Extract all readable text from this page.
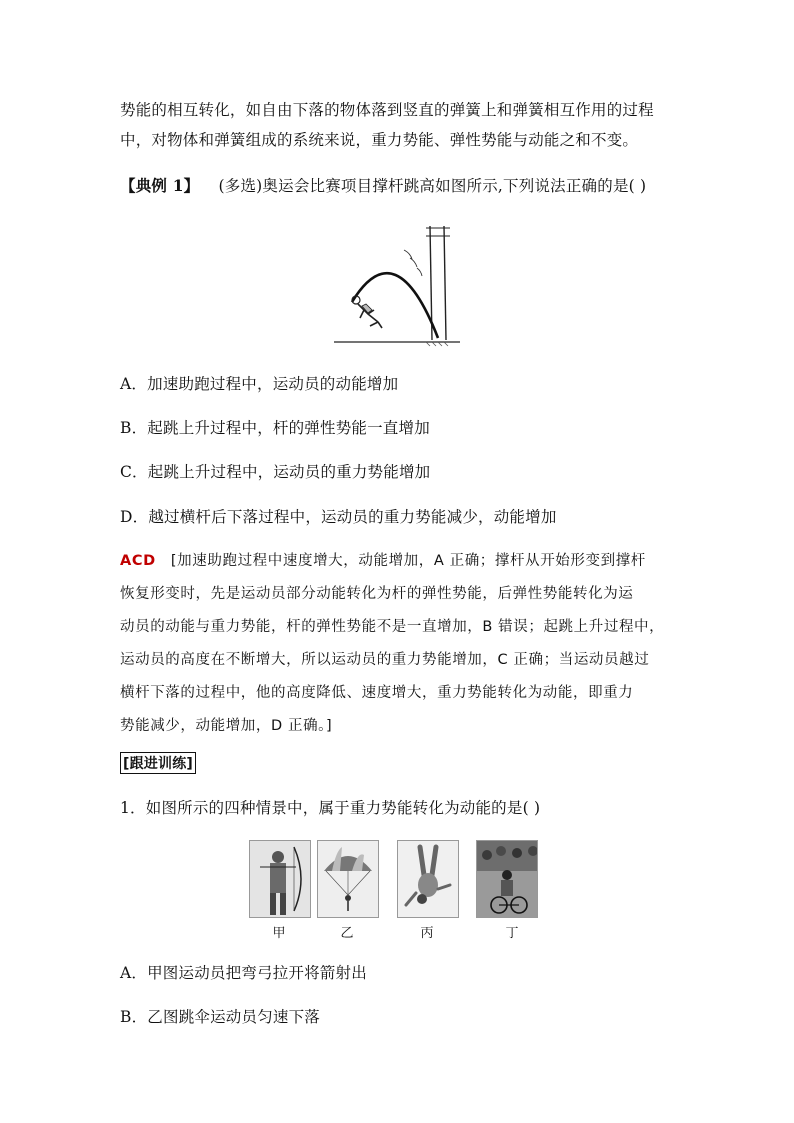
势能的相互转化，如自由下落的物体落到竖直的弹簧上和弹簧相互作用的过程
中，对物体和弹簧组成的系统来说，重力势能、弹性势能与动能之和不变。
【典例 1】 (多选)奥运会比赛项目撑杆跳高如图所示,下列说法正确的是( )
A．加速助跑过程中，运动员的动能增加
B．起跳上升过程中，杆的弹性势能一直增加
C．起跳上升过程中，运动员的重力势能增加
D．越过横杆后下落过程中，运动员的重力势能减少，动能增加
ACD [加速助跑过程中速度增大，动能增加，A 正确；撑杆从开始形变到撑杆
恢复形变时，先是运动员部分动能转化为杆的弹性势能，后弹性势能转化为运
动员的动能与重力势能，杆的弹性势能不是一直增加，B 错误；起跳上升过程中，
运动员的高度在不断增大，所以运动员的重力势能增加，C 正确；当运动员越过
横杆下落的过程中，他的高度降低、速度增大，重力势能转化为动能，即重力
势能减少，动能增加，D 正确。]
[跟进训练]
1．如图所示的四种情景中，属于重力势能转化为动能的是( )
甲	乙	丙	丁
A．甲图运动员把弯弓拉开将箭射出
B．乙图跳伞运动员匀速下落
